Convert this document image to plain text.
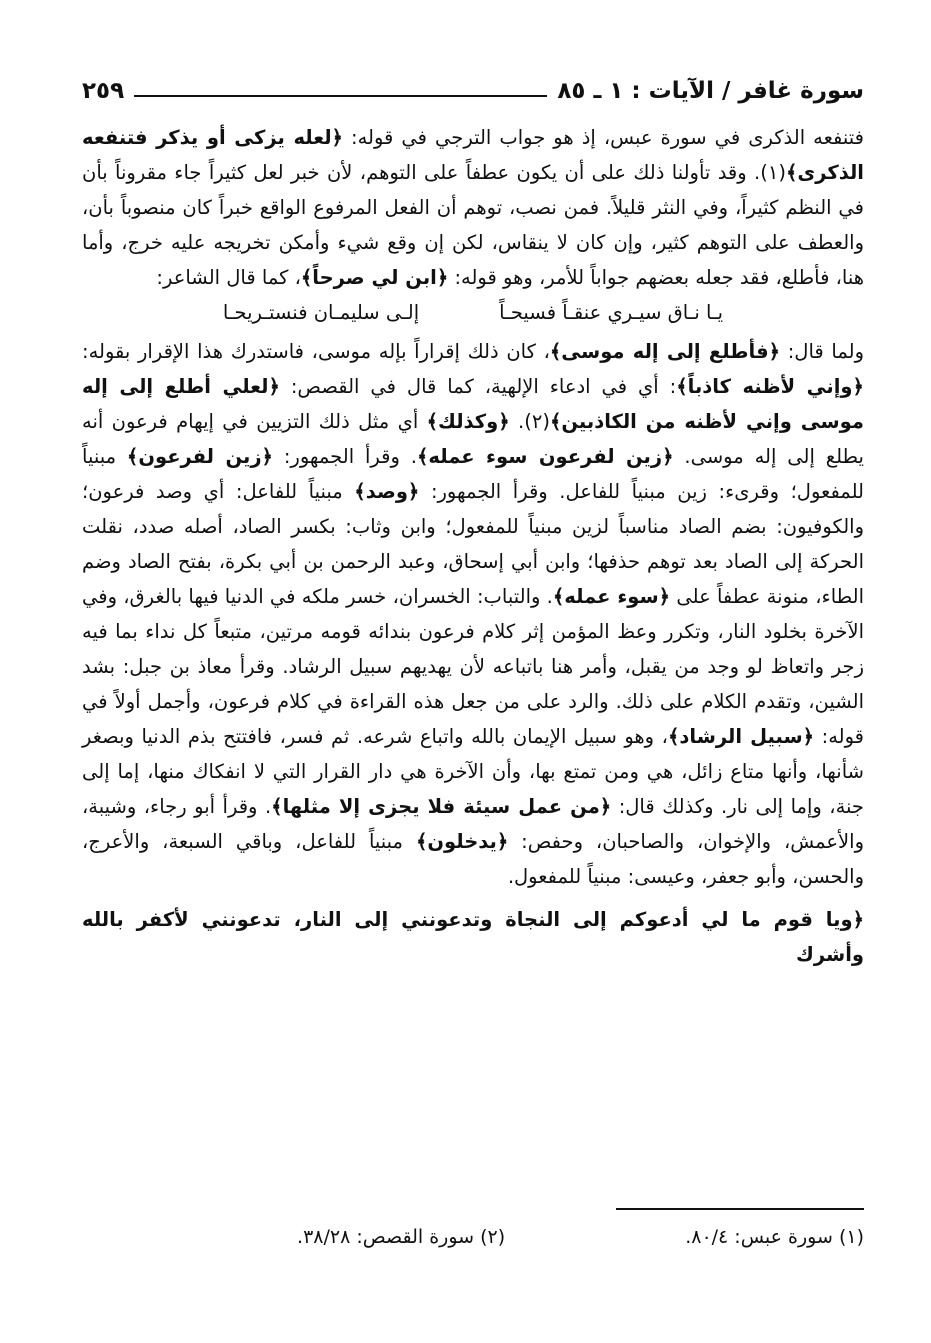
سورة غافر / الآيات : ١ ـ ٨٥
٢٥٩

فتنفعه الذكرى في سورة عبس، إذ هو جواب الترجي في قوله: ﴿لعله يزكى أو يذكر فتنفعه الذكرى﴾(١). وقد تأولنا ذلك على أن يكون عطفاً على التوهم، لأن خبر لعل كثيراً جاء مقروناً بأن في النظم كثيراً، وفي النثر قليلاً. فمن نصب، توهم أن الفعل المرفوع الواقع خبراً كان منصوباً بأن، والعطف على التوهم كثير، وإن كان لا ينقاس، لكن إن وقع شيء وأمكن تخريجه عليه خرج، وأما هنا، فأطلع، فقد جعله بعضهم جواباً للأمر، وهو قوله: ﴿ابن لي صرحاً﴾، كما قال الشاعر:

يـا نـاق سيـري عنقـاً فسيحـاً
إلـى سليمـان فنستـريحـا

ولما قال: ﴿فأطلع إلى إله موسى﴾، كان ذلك إقراراً بإله موسى، فاستدرك هذا الإقرار بقوله: ﴿وإني لأظنه كاذباً﴾: أي في ادعاء الإلهية، كما قال في القصص: ﴿لعلي أطلع إلى إله موسى وإني لأظنه من الكاذبين﴾(٢). ﴿وكذلك﴾ أي مثل ذلك التزيين في إيهام فرعون أنه يطلع إلى إله موسى. ﴿زين لفرعون سوء عمله﴾. وقرأ الجمهور: ﴿زين لفرعون﴾ مبنياً للمفعول؛ وقرىء: زين مبنياً للفاعل. وقرأ الجمهور: ﴿وصد﴾ مبنياً للفاعل: أي وصد فرعون؛ والكوفيون: بضم الصاد مناسباً لزين مبنياً للمفعول؛ وابن وثاب: بكسر الصاد، أصله صدد، نقلت الحركة إلى الصاد بعد توهم حذفها؛ وابن أبي إسحاق، وعبد الرحمن بن أبي بكرة، بفتح الصاد وضم الطاء، منونة عطفاً على ﴿سوء عمله﴾. والتباب: الخسران، خسر ملكه في الدنيا فيها بالغرق، وفي الآخرة بخلود النار، وتكرر وعظ المؤمن إثر كلام فرعون بندائه قومه مرتين، متبعاً كل نداء بما فيه زجر واتعاظ لو وجد من يقبل، وأمر هنا باتباعه لأن يهديهم سبيل الرشاد. وقرأ معاذ بن جبل: بشد الشين، وتقدم الكلام على ذلك. والرد على من جعل هذه القراءة في كلام فرعون، وأجمل أولاً في قوله: ﴿سبيل الرشاد﴾، وهو سبيل الإيمان بالله واتباع شرعه. ثم فسر، فافتتح بذم الدنيا وبصغر شأنها، وأنها متاع زائل، هي ومن تمتع بها، وأن الآخرة هي دار القرار التي لا انفكاك منها، إما إلى جنة، وإما إلى نار. وكذلك قال: ﴿من عمل سيئة فلا يجزى إلا مثلها﴾. وقرأ أبو رجاء، وشيبة، والأعمش، والإخوان، والصاحبان، وحفص: ﴿يدخلون﴾ مبنياً للفاعل، وباقي السبعة، والأعرج، والحسن، وأبو جعفر، وعيسى: مبنياً للمفعول.

﴿ويا قوم ما لي أدعوكم إلى النجاة وتدعونني إلى النار، تدعونني لأكفر بالله وأشرك

(١) سورة عبس: ٨٠/٤.
(٢) سورة القصص: ٣٨/٢٨.
